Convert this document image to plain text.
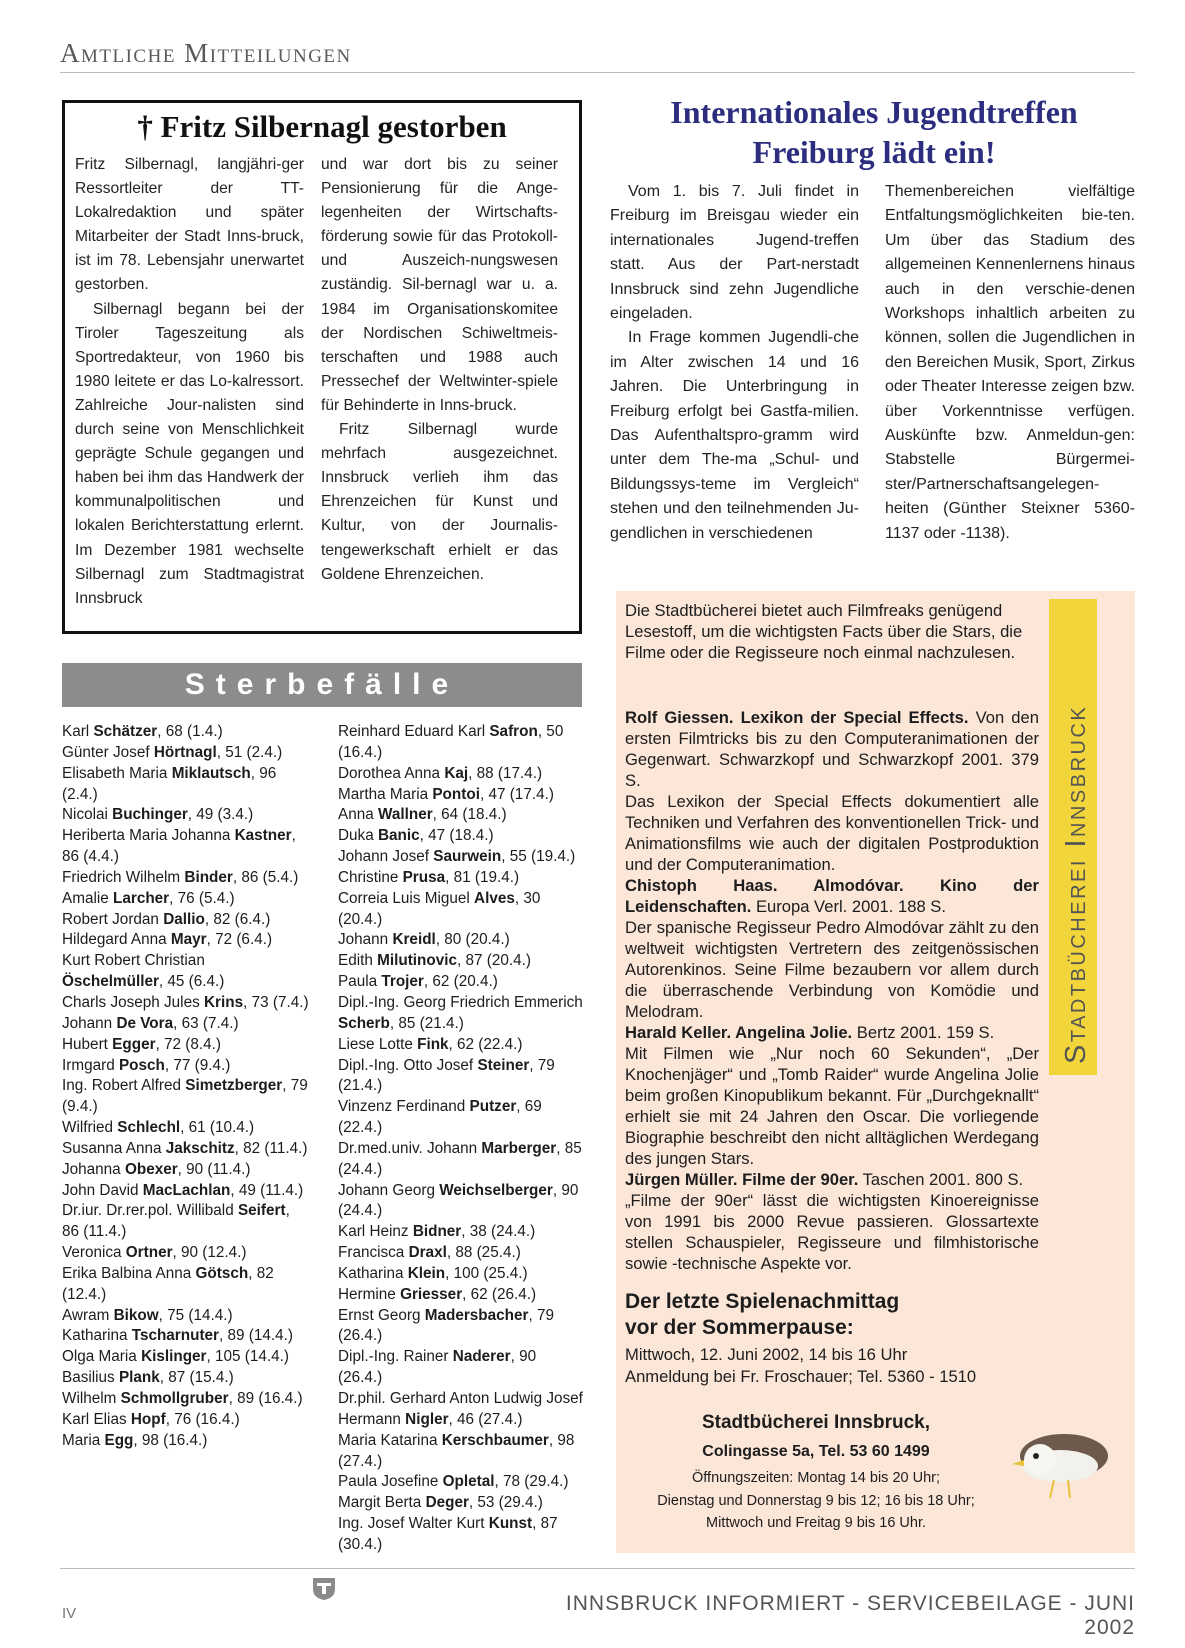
Amtliche Mitteilungen
† Fritz Silbernagl gestorben

Fritz Silbernagl, langjähri-ger Ressortleiter der TT-Lokalredaktion und später Mitarbeiter der Stadt Inns-bruck, ist im 78. Lebensjahr unerwartet gestorben.

Silbernagl begann bei der Tiroler Tageszeitung als Sportredakteur, von 1960 bis 1980 leitete er das Lo-kalressort. Zahlreiche Jour-nalisten sind durch seine von Menschlichkeit geprägte Schule gegangen und haben bei ihm das Handwerk der kommunalpolitischen und lokalen Berichterstattung erlernt. Im Dezember 1981 wechselte Silbernagl zum Stadtmagistrat Innsbruck

und war dort bis zu seiner Pensionierung für die Ange-legenheiten der Wirtschafts-förderung sowie für das Protokoll- und Auszeich-nungswesen zuständig. Sil-bernagl war u. a. 1984 im Organisationskomitee der Nordischen Schiweltmeis-terschaften und 1988 auch Pressechef der Weltwinter-spiele für Behinderte in Inns-bruck.

Fritz Silbernagl wurde mehrfach ausgezeichnet. Innsbruck verlieh ihm das Ehrenzeichen für Kunst und Kultur, von der Journalis-tengewerkschaft erhielt er das Goldene Ehrenzeichen.

Internationales Jugendtreffen
Freiburg lädt ein!

Vom 1. bis 7. Juli findet in Freiburg im Breisgau wieder ein internationales Jugend-treffen statt. Aus der Part-nerstadt Innsbruck sind zehn Jugendliche eingeladen.

In Frage kommen Jugendli-che im Alter zwischen 14 und 16 Jahren. Die Unterbringung in Freiburg erfolgt bei Gastfa-milien. Das Aufenthaltspro-gramm wird unter dem The-ma „Schul- und Bildungssys-teme im Vergleich“ stehen und den teilnehmenden Ju-gendlichen in verschiedenen

Themenbereichen vielfältige Entfaltungsmöglichkeiten bie-ten. Um über das Stadium des allgemeinen Kennenlernens hinaus auch in den verschie-denen Workshops inhaltlich arbeiten zu können, sollen die Jugendlichen in den Bereichen Musik, Sport, Zirkus oder Theater Interesse zeigen bzw. über Vorkenntnisse verfügen. Auskünfte bzw. Anmeldun-gen: Stabstelle Bürgermei-ster/Partnerschaftsangelegen-heiten (Günther Steixner 5360-1137 oder -1138).

Sterbefälle
Karl Schätzer, 68 (1.4.)
Günter Josef Hörtnagl, 51 (2.4.)
Elisabeth Maria Miklautsch, 96 (2.4.)
Nicolai Buchinger, 49 (3.4.)
Heriberta Maria Johanna Kastner, 86 (4.4.)
Friedrich Wilhelm Binder, 86 (5.4.)
Amalie Larcher, 76 (5.4.)
Robert Jordan Dallio, 82 (6.4.)
Hildegard Anna Mayr, 72 (6.4.)
Kurt Robert Christian Öschelmüller, 45 (6.4.)
Charls Joseph Jules Krins, 73 (7.4.)
Johann De Vora, 63 (7.4.)
Hubert Egger, 72 (8.4.)
Irmgard Posch, 77 (9.4.)
Ing. Robert Alfred Simetzberger, 79 (9.4.)
Wilfried Schlechl, 61 (10.4.)
Susanna Anna Jakschitz, 82 (11.4.)
Johanna Obexer, 90 (11.4.)
John David MacLachlan, 49 (11.4.)
Dr.iur. Dr.rer.pol. Willibald Seifert, 86 (11.4.)
Veronica Ortner, 90 (12.4.)
Erika Balbina Anna Götsch, 82 (12.4.)
Awram Bikow, 75 (14.4.)
Katharina Tscharnuter, 89 (14.4.)
Olga Maria Kislinger, 105 (14.4.)
Basilius Plank, 87 (15.4.)
Wilhelm Schmollgruber, 89 (16.4.)
Karl Elias Hopf, 76 (16.4.)
Maria Egg, 98 (16.4.)
Reinhard Eduard Karl Safron, 50 (16.4.)
Dorothea Anna Kaj, 88 (17.4.)
Martha Maria Pontoi, 47 (17.4.)
Anna Wallner, 64 (18.4.)
Duka Banic, 47 (18.4.)
Johann Josef Saurwein, 55 (19.4.)
Christine Prusa, 81 (19.4.)
Correia Luis Miguel Alves, 30 (20.4.)
Johann Kreidl, 80 (20.4.)
Edith Milutinovic, 87 (20.4.)
Paula Trojer, 62 (20.4.)
Dipl.-Ing. Georg Friedrich Emmerich Scherb, 85 (21.4.)
Liese Lotte Fink, 62 (22.4.)
Dipl.-Ing. Otto Josef Steiner, 79 (21.4.)
Vinzenz Ferdinand Putzer, 69 (22.4.)
Dr.med.univ. Johann Marberger, 85 (24.4.)
Johann Georg Weichselberger, 90 (24.4.)
Karl Heinz Bidner, 38 (24.4.)
Francisca Draxl, 88 (25.4.)
Katharina Klein, 100 (25.4.)
Hermine Griesser, 62 (26.4.)
Ernst Georg Madersbacher, 79 (26.4.)
Dipl.-Ing. Rainer Naderer, 90 (26.4.)
Dr.phil. Gerhard Anton Ludwig Josef Hermann Nigler, 46 (27.4.)
Maria Katarina Kerschbaumer, 98 (27.4.)
Paula Josefine Opletal, 78 (29.4.)
Margit Berta Deger, 53 (29.4.)
Ing. Josef Walter Kurt Kunst, 87 (30.4.)
Die Stadtbücherei bietet auch Filmfreaks genügend Lesestoff, um die wichtigsten Facts über die Stars, die Filme oder die Regisseure noch einmal nachzulesen.
Rolf Giessen. Lexikon der Special Effects. Von den ersten Filmtricks bis zu den Computeranimationen der Gegenwart. Schwarzkopf und Schwarzkopf 2001. 379 S.
Das Lexikon der Special Effects dokumentiert alle Techniken und Verfahren des konventionellen Trick- und Animationsfilms wie auch der digitalen Postproduktion und der Computeranimation.
Chistoph Haas. Almodóvar. Kino der Leidenschaften. Europa Verl. 2001. 188 S.
Der spanische Regisseur Pedro Almodóvar zählt zu den weltweit wichtigsten Vertretern des zeitgenössischen Autorenkinos. Seine Filme bezaubern vor allem durch die überraschende Verbindung von Komödie und Melodram.
Harald Keller. Angelina Jolie. Bertz 2001. 159 S.
Mit Filmen wie „Nur noch 60 Sekunden“, „Der Knochenjäger“ und „Tomb Raider“ wurde Angelina Jolie beim großen Kinopublikum bekannt. Für „Durchgeknallt“ erhielt sie mit 24 Jahren den Oscar. Die vorliegende Biographie beschreibt den nicht alltäglichen Werdegang des jungen Stars.
Jürgen Müller. Filme der 90er. Taschen 2001. 800 S.
„Filme der 90er“ lässt die wichtigsten Kinoereignisse von 1991 bis 2000 Revue passieren. Glossartexte stellen Schauspieler, Regisseure und filmhistorische sowie -technische Aspekte vor.
Der letzte Spielenachmittag
vor der Sommerpause:
Mittwoch, 12. Juni 2002, 14 bis 16 Uhr
Anmeldung bei Fr. Froschauer; Tel. 5360 - 1510
Stadtbücherei Innsbruck,
Colingasse 5a, Tel. 53 60 1499
Öffnungszeiten: Montag 14 bis 20 Uhr;
Dienstag und Donnerstag 9 bis 12; 16 bis 18 Uhr;
Mittwoch und Freitag 9 bis 16 Uhr.
Stadtbücherei Innsbruck
IV	INNSBRUCK INFORMIERT - SERVICEBEILAGE - JUNI 2002
